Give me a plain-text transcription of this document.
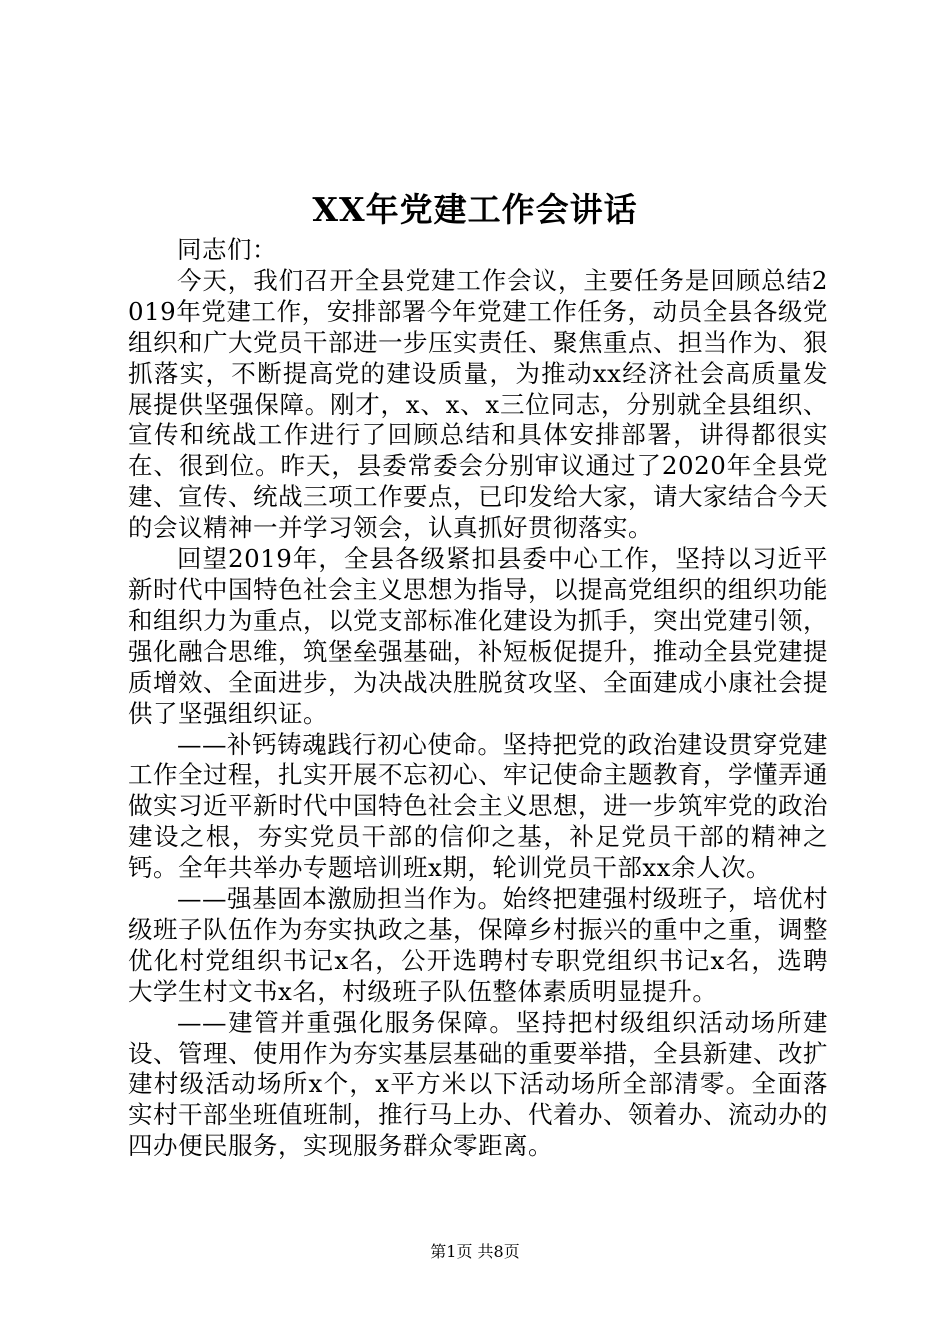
XX年党建工作会讲话

同志们：

今天，我们召开全县党建工作会议，主要任务是回顾总结2019年党建工作，安排部署今年党建工作任务，动员全县各级党组织和广大党员干部进一步压实责任、聚焦重点、担当作为、狠抓落实，不断提高党的建设质量，为推动xx经济社会高质量发展提供坚强保障。刚才，x、x、x三位同志，分别就全县组织、宣传和统战工作进行了回顾总结和具体安排部署，讲得都很实在、很到位。昨天，县委常委会分别审议通过了2020年全县党建、宣传、统战三项工作要点，已印发给大家，请大家结合今天的会议精神一并学习领会，认真抓好贯彻落实。

回望2019年，全县各级紧扣县委中心工作，坚持以习近平新时代中国特色社会主义思想为指导，以提高党组织的组织功能和组织力为重点，以党支部标准化建设为抓手，突出党建引领，强化融合思维，筑堡垒强基础，补短板促提升，推动全县党建提质增效、全面进步，为决战决胜脱贫攻坚、全面建成小康社会提供了坚强组织证。

——补钙铸魂践行初心使命。坚持把党的政治建设贯穿党建工作全过程，扎实开展不忘初心、牢记使命主题教育，学懂弄通做实习近平新时代中国特色社会主义思想，进一步筑牢党的政治建设之根，夯实党员干部的信仰之基，补足党员干部的精神之钙。全年共举办专题培训班x期，轮训党员干部xx余人次。

——强基固本激励担当作为。始终把建强村级班子，培优村级班子队伍作为夯实执政之基，保障乡村振兴的重中之重，调整优化村党组织书记x名，公开选聘村专职党组织书记x名，选聘大学生村文书x名，村级班子队伍整体素质明显提升。

——建管并重强化服务保障。坚持把村级组织活动场所建设、管理、使用作为夯实基层基础的重要举措，全县新建、改扩建村级活动场所x个，x平方米以下活动场所全部清零。全面落实村干部坐班值班制，推行马上办、代着办、领着办、流动办的四办便民服务，实现服务群众零距离。

第1页 共8页
